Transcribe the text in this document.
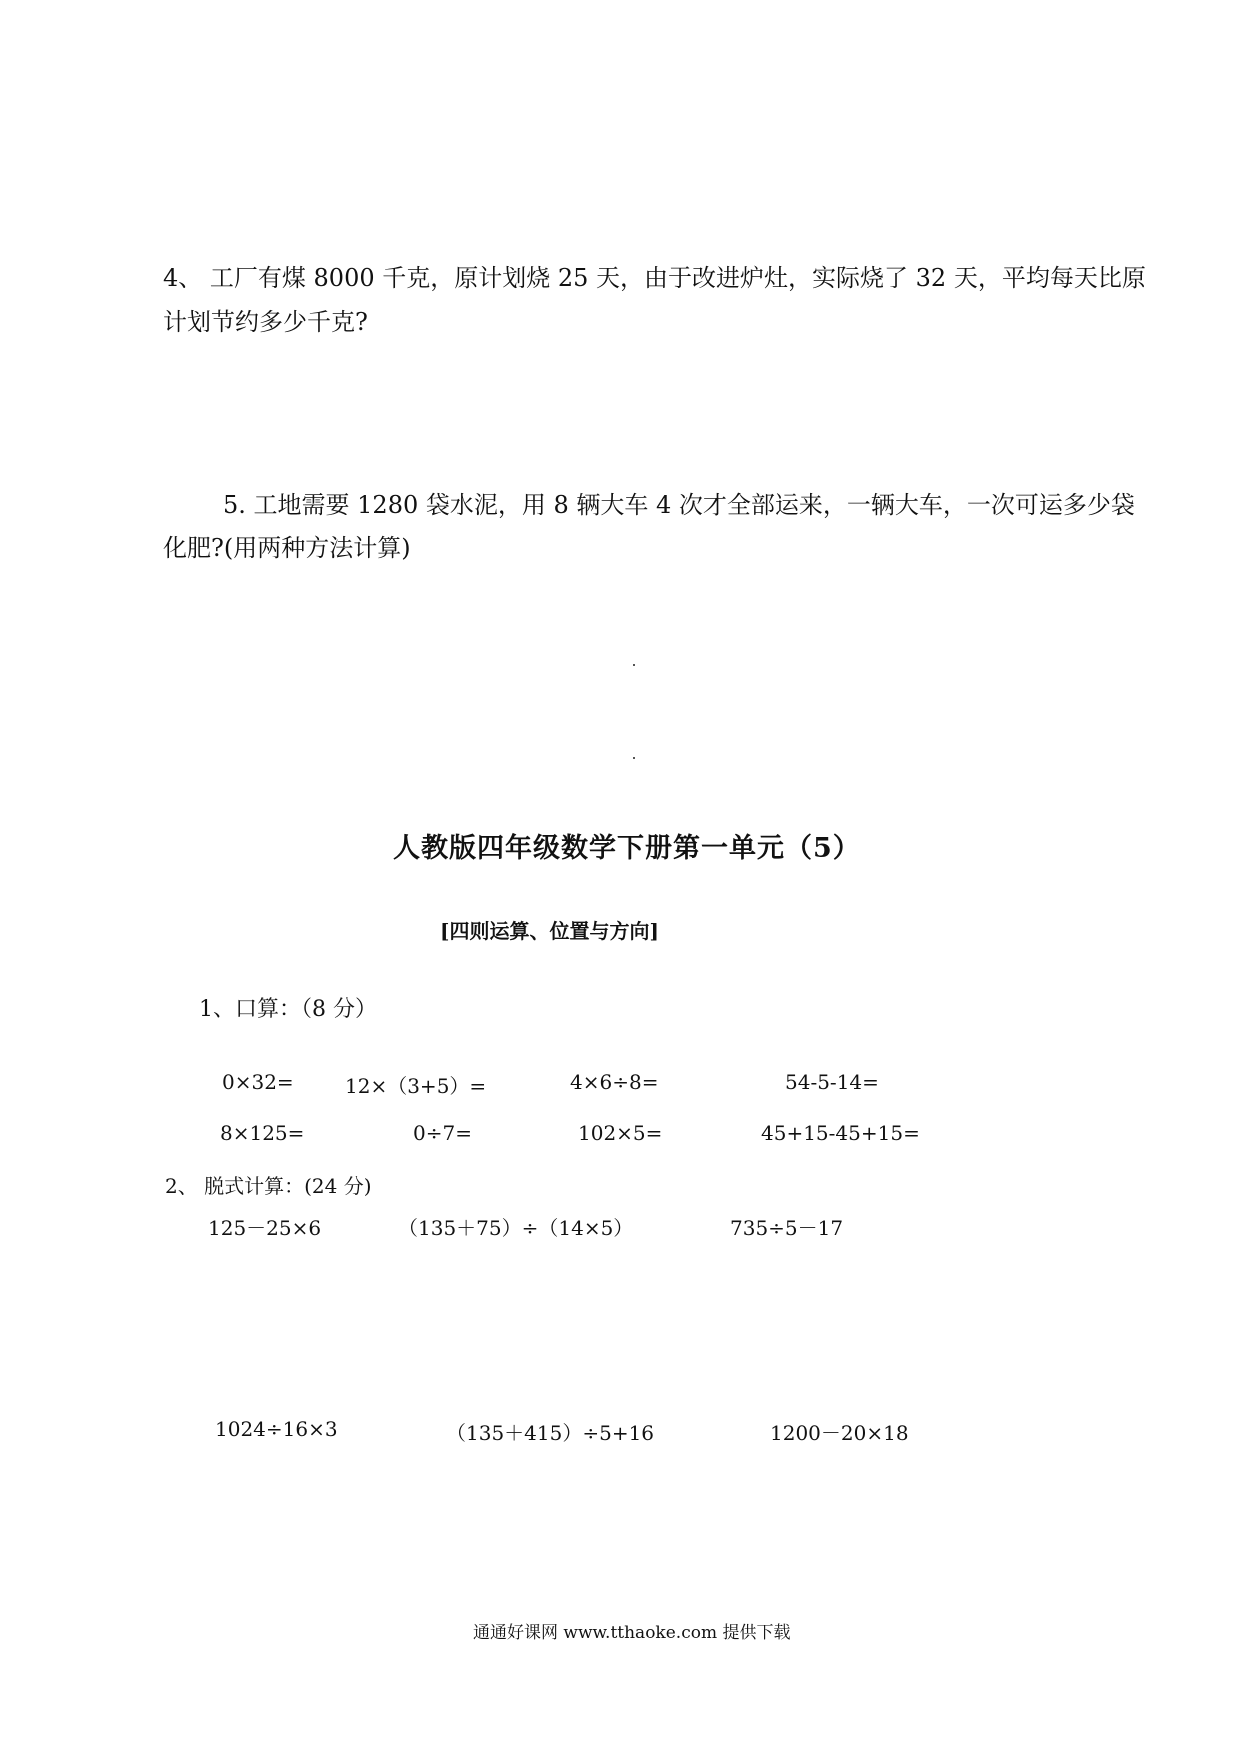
4、 工厂有煤 8000 千克，原计划烧 25 天，由于改进炉灶，实际烧了 32 天，平均每天比原
计划节约多少千克?
5. 工地需要 1280 袋水泥，用 8 辆大车 4 次才全部运来，一辆大车，一次可运多少袋
化肥?(用两种方法计算)
人教版四年级数学下册第一单元（5）
[四则运算、位置与方向]
1、口算：（8 分）
0×32=	12×（3+5）=	4×6÷8=	54-5-14=
8×125=	0÷7=	102×5=	45+15-45+15=
2、 脱式计算：(24 分)
125－25×6	（135＋75）÷（14×5）	735÷5－17
1024÷16×3	（135＋415）÷5+16	1200－20×18
通通好课网 www.tthaoke.com 提供下载
